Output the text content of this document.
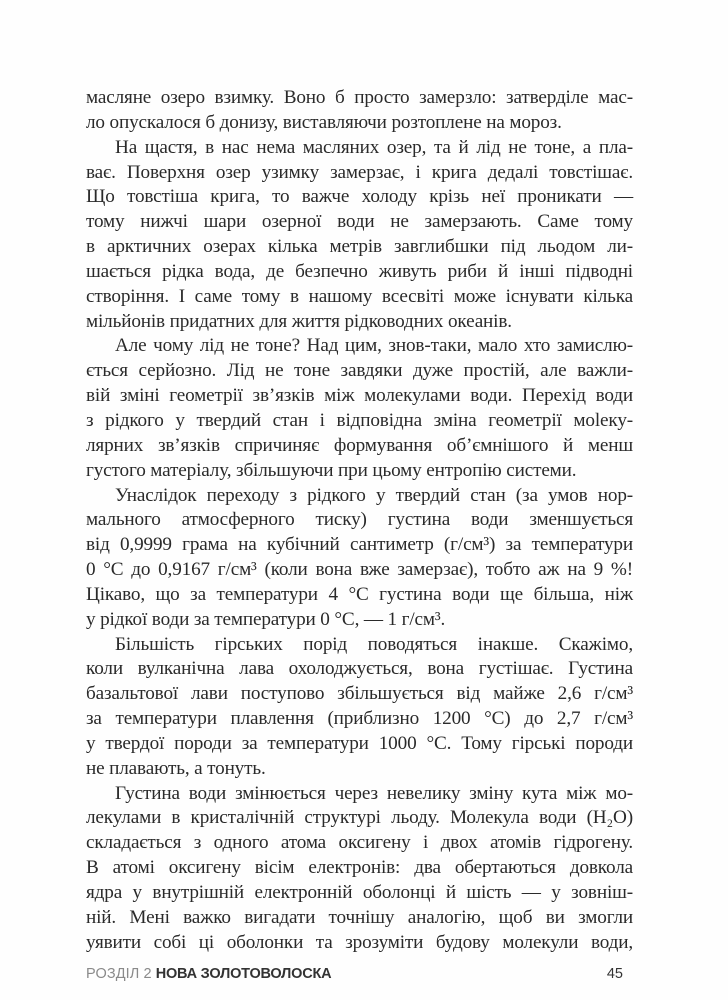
масляне озеро взимку. Воно б просто замерзло: затверділе мас-
ло опускалося б донизу, виставляючи розтоплене на мороз.
На щастя, в нас нема масляних озер, та й лід не тоне, а пла-
ває. Поверхня озер узимку замерзає, і крига дедалі товстішає.
Що товстіша крига, то важче холоду крізь неї проникати —
тому нижчі шари озерної води не замерзають. Саме тому
в арктичних озерах кілька метрів завглибшки під льодом ли-
шається рідка вода, де безпечно живуть риби й інші підводні
створіння. І саме тому в нашому всесвіті може існувати кілька
мільйонів придатних для життя рідководних океанів.
Але чому лід не тоне? Над цим, знов-таки, мало хто замислю-
ється серйозно. Лід не тоне завдяки дуже простій, але важли-
вій зміні геометрії зв’язків між молекулами води. Перехід води
з рідкого у твердий стан і відповідна зміна геометрії моleку-
лярних зв’язків спричиняє формування об’ємнішого й менш
густого матеріалу, збільшуючи при цьому ентропію системи.
Унаслідок переходу з рідкого у твердий стан (за умов нор-
мального атмосферного тиску) густина води зменшується
від 0,9999 грама на кубічний сантиметр (г/см³) за температури
0 °C до 0,9167 г/см³ (коли вона вже замерзає), тобто аж на 9 %!
Цікаво, що за температури 4 °C густина води ще більша, ніж
у рідкої води за температури 0 °C, — 1 г/см³.
Більшість гірських порід поводяться інакше. Скажімо,
коли вулканічна лава охолоджується, вона густішає. Густина
базальтової лави поступово збільшується від майже 2,6 г/см³
за температури плавлення (приблизно 1200 °C) до 2,7 г/см³
у твердої породи за температури 1000 °C. Тому гірські породи
не плавають, а тонуть.
Густина води змінюється через невелику зміну кута між мо-
лекулами в кристалічній структурі льоду. Молекула води (H₂O)
складається з одного атома оксигену і двох атомів гідрогену.
В атомі оксигену вісім електронів: два обертаються довкола
ядра у внутрішній електронній оболонці й шість — у зовніш-
ній. Мені важко вигадати точнішу аналогію, щоб ви змогли
уявити собі ці оболонки та зрозуміти будову молекули води,
РОЗДІЛ 2 НОВА ЗОЛОТОВОЛОСКА	45
